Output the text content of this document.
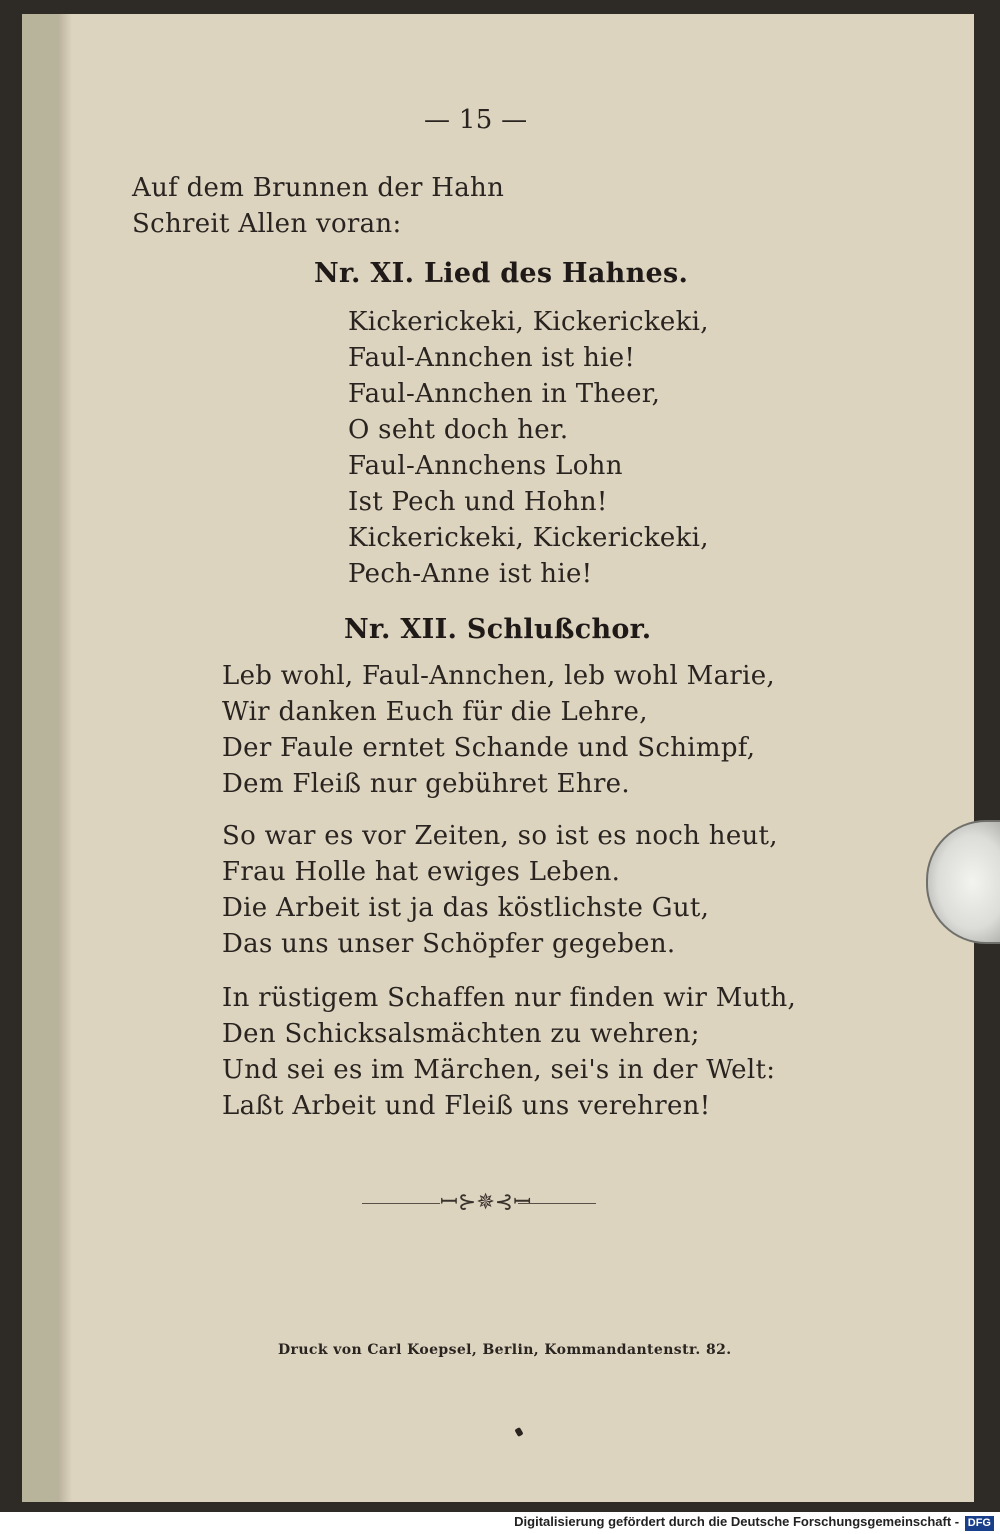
— 15 —
Auf dem Brunnen der Hahn
Schreit Allen voran:
Nr. XI. Lied des Hahnes.
Kickerickeki, Kickerickeki,
Faul-Annchen ist hie!
Faul-Annchen in Theer,
O seht doch her.
Faul-Annchens Lohn
Ist Pech und Hohn!
Kickerickeki, Kickerickeki,
Pech-Anne ist hie!
Nr. XII. Schlußchor.
Leb wohl, Faul-Annchen, leb wohl Marie,
Wir danken Euch für die Lehre,
Der Faule erntet Schande und Schimpf,
Dem Fleiß nur gebühret Ehre.
So war es vor Zeiten, so ist es noch heut,
Frau Holle hat ewiges Leben.
Die Arbeit ist ja das köstlichste Gut,
Das uns unser Schöpfer gegeben.
In rüstigem Schaffen nur finden wir Muth,
Den Schicksalsmächten zu wehren;
Und sei es im Märchen, sei's in der Welt:
Laßt Arbeit und Fleiß uns verehren!
ꟷ⊱✵⊰ꟷ
Druck von Carl Koepsel, Berlin, Kommandantenstr. 82.
Digitalisierung gefördert durch die Deutsche Forschungsgemeinschaft - DFG
